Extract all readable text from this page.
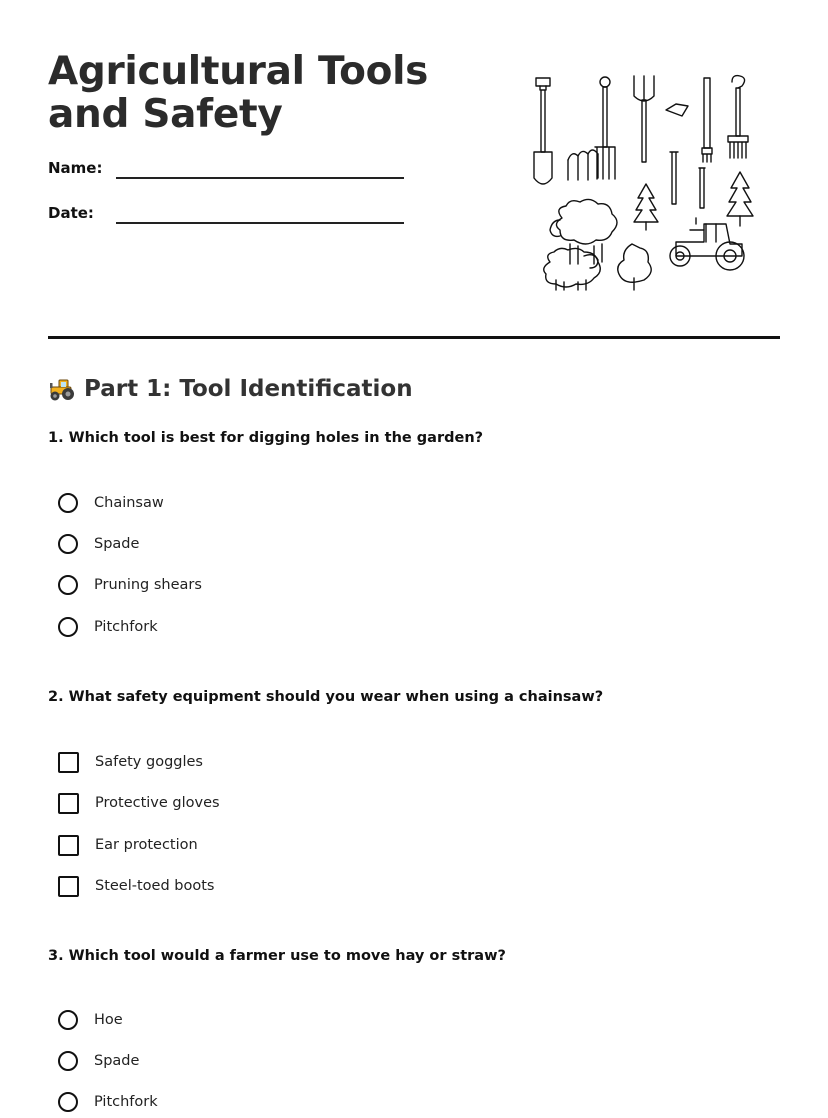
Agricultural Tools and Safety
Name:
Date:
Part 1: Tool Identification

1. Which tool is best for digging holes in the garden?

Chainsaw
Spade
Pruning shears
Pitchfork

2. What safety equipment should you wear when using a chainsaw?

Safety goggles
Protective gloves
Ear protection
Steel-toed boots

3. Which tool would a farmer use to move hay or straw?

Hoe
Spade
Pitchfork
